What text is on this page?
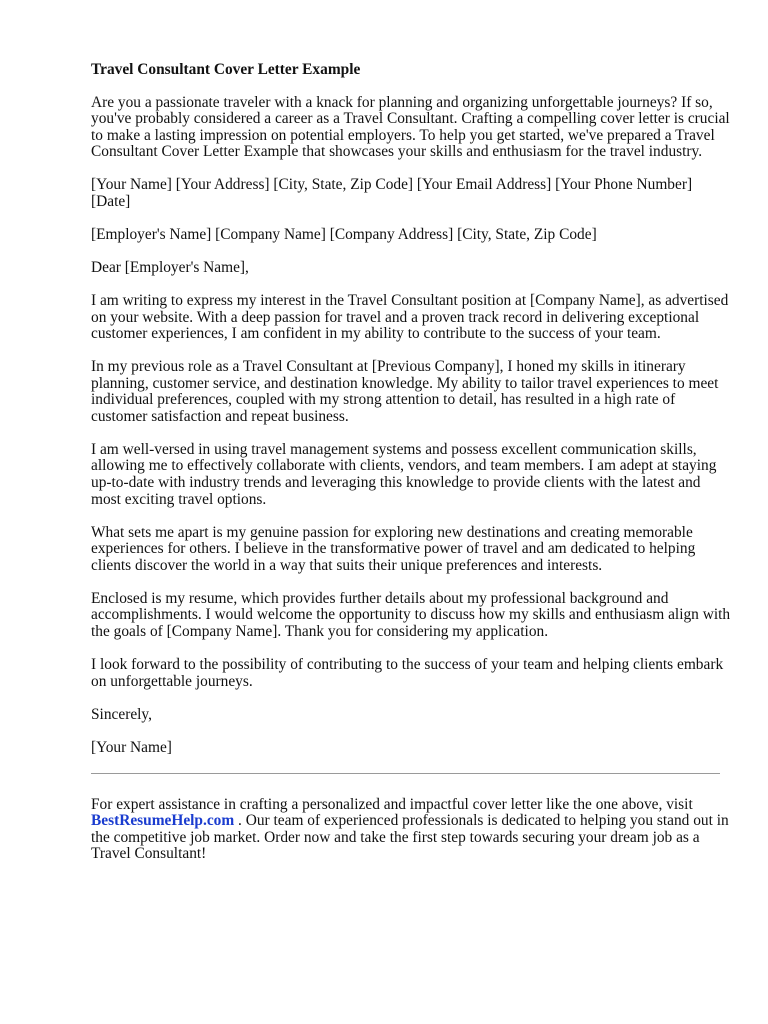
Travel Consultant Cover Letter Example

Are you a passionate traveler with a knack for planning and organizing unforgettable journeys? If so, you've probably considered a career as a Travel Consultant. Crafting a compelling cover letter is crucial to make a lasting impression on potential employers. To help you get started, we've prepared a Travel Consultant Cover Letter Example that showcases your skills and enthusiasm for the travel industry.

[Your Name] [Your Address] [City, State, Zip Code] [Your Email Address] [Your Phone Number] [Date]

[Employer's Name] [Company Name] [Company Address] [City, State, Zip Code]

Dear [Employer's Name],

I am writing to express my interest in the Travel Consultant position at [Company Name], as advertised on your website. With a deep passion for travel and a proven track record in delivering exceptional customer experiences, I am confident in my ability to contribute to the success of your team.

In my previous role as a Travel Consultant at [Previous Company], I honed my skills in itinerary planning, customer service, and destination knowledge. My ability to tailor travel experiences to meet individual preferences, coupled with my strong attention to detail, has resulted in a high rate of customer satisfaction and repeat business.

I am well-versed in using travel management systems and possess excellent communication skills, allowing me to effectively collaborate with clients, vendors, and team members. I am adept at staying up-to-date with industry trends and leveraging this knowledge to provide clients with the latest and most exciting travel options.

What sets me apart is my genuine passion for exploring new destinations and creating memorable experiences for others. I believe in the transformative power of travel and am dedicated to helping clients discover the world in a way that suits their unique preferences and interests.

Enclosed is my resume, which provides further details about my professional background and accomplishments. I would welcome the opportunity to discuss how my skills and enthusiasm align with the goals of [Company Name]. Thank you for considering my application.

I look forward to the possibility of contributing to the success of your team and helping clients embark on unforgettable journeys.

Sincerely,

[Your Name]

For expert assistance in crafting a personalized and impactful cover letter like the one above, visit BestResumeHelp.com . Our team of experienced professionals is dedicated to helping you stand out in the competitive job market. Order now and take the first step towards securing your dream job as a Travel Consultant!
